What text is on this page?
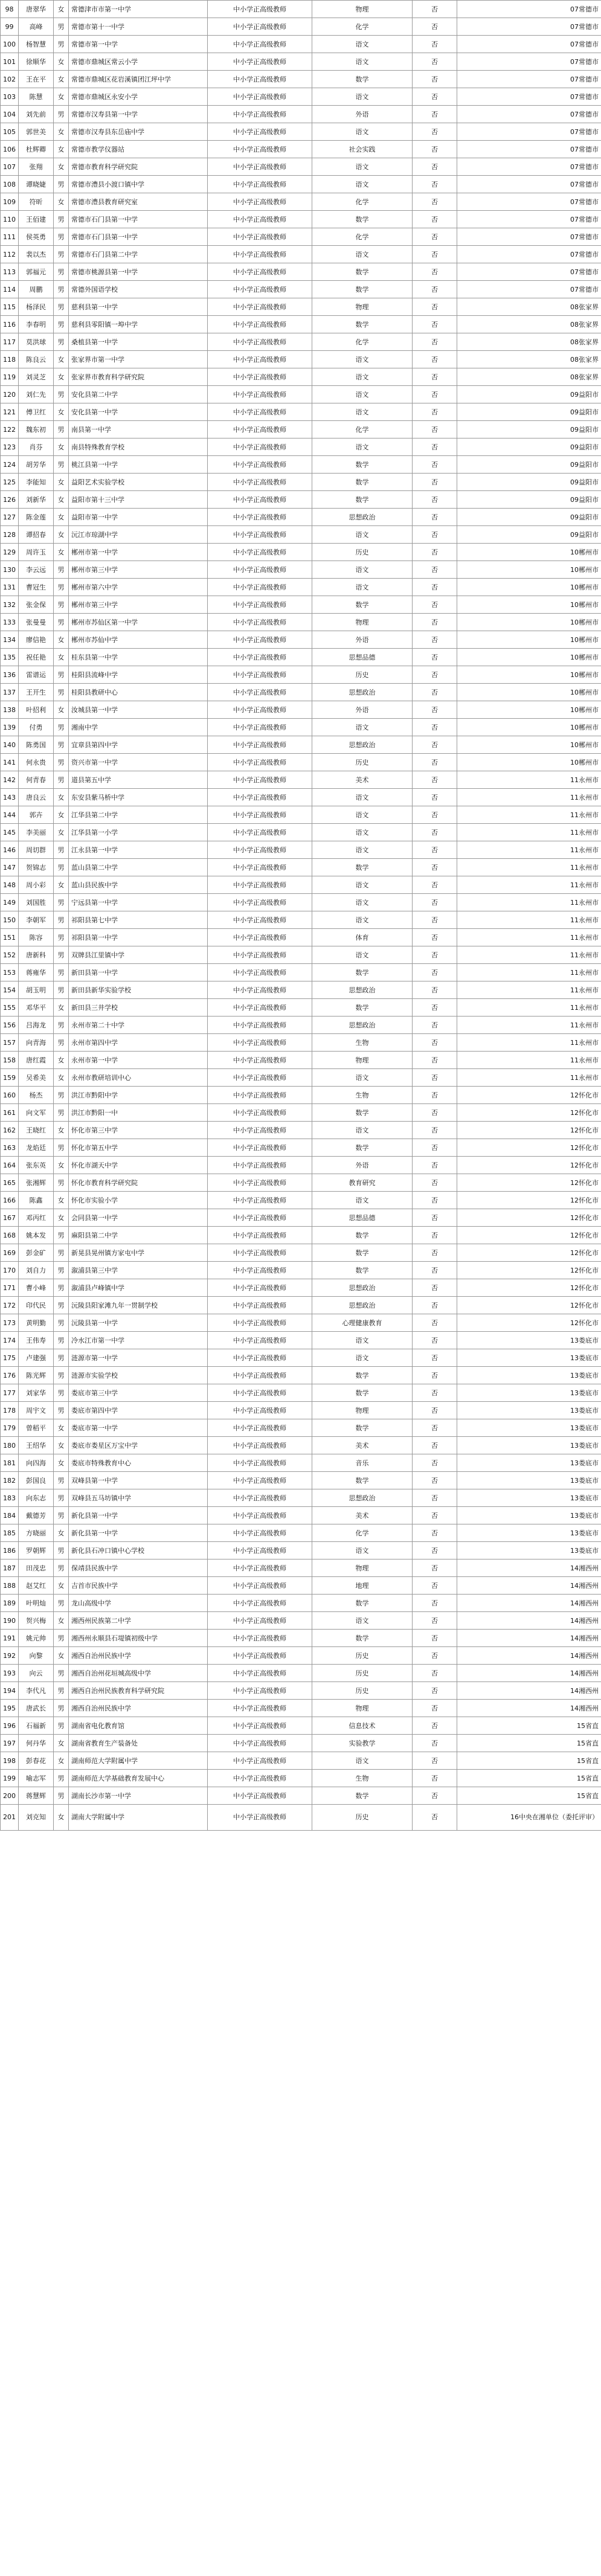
98	唐翠华	女	常德津市市第一中学	中小学正高级教师	物理	否	07常德市
99	高峰	男	常德市第十一中学	中小学正高级教师	化学	否	07常德市
100	杨智慧	男	常德市第一中学	中小学正高级教师	语文	否	07常德市
101	徐顺华	女	常德市鼎城区常云小学	中小学正高级教师	语文	否	07常德市
102	王在平	女	常德市鼎城区花岩溪镇团江坪中学	中小学正高级教师	数学	否	07常德市
103	陈慧	女	常德市鼎城区永安小学	中小学正高级教师	语文	否	07常德市
104	刘先前	男	常德市汉寿县第一中学	中小学正高级教师	外语	否	07常德市
105	郭世美	女	常德市汉寿县东岳庙中学	中小学正高级教师	语文	否	07常德市
106	杜辉卿	女	常德市教学仪器站	中小学正高级教师	社会实践	否	07常德市
107	张翔	女	常德市教育科学研究院	中小学正高级教师	语文	否	07常德市
108	谭晓婕	男	常德市澧县小渡口镇中学	中小学正高级教师	语文	否	07常德市
109	符昕	女	常德市澧县教育研究室	中小学正高级教师	化学	否	07常德市
110	王佰建	男	常德市石门县第一中学	中小学正高级教师	数学	否	07常德市
111	侯英勇	男	常德市石门县第一中学	中小学正高级教师	化学	否	07常德市
112	裴以杰	男	常德市石门县第二中学	中小学正高级教师	语文	否	07常德市
113	郭福元	男	常德市桃源县第一中学	中小学正高级教师	数学	否	07常德市
114	周鹏	男	常德外国语学校	中小学正高级教师	数学	否	07常德市
115	杨泽民	男	慈利县第一中学	中小学正高级教师	物理	否	08张家界
116	李春明	男	慈利县零阳镇一埠中学	中小学正高级教师	数学	否	08张家界
117	莫洪球	男	桑植县第一中学	中小学正高级教师	化学	否	08张家界
118	陈良云	女	张家界市第一中学	中小学正高级教师	语文	否	08张家界
119	刘灵芝	女	张家界市教育科学研究院	中小学正高级教师	语文	否	08张家界
120	刘仁先	男	安化县第二中学	中小学正高级教师	语文	否	09益阳市
121	傅卫红	女	安化县第一中学	中小学正高级教师	语文	否	09益阳市
122	魏东初	男	南县第一中学	中小学正高级教师	化学	否	09益阳市
123	肖芬	女	南县特殊教育学校	中小学正高级教师	语文	否	09益阳市
124	胡芳华	男	桃江县第一中学	中小学正高级教师	数学	否	09益阳市
125	李能知	女	益阳艺术实验学校	中小学正高级教师	数学	否	09益阳市
126	刘新华	女	益阳市第十三中学	中小学正高级教师	数学	否	09益阳市
127	陈金莲	女	益阳市第一中学	中小学正高级教师	思想政治	否	09益阳市
128	谭招春	女	沅江市琼湖中学	中小学正高级教师	语文	否	09益阳市
129	周许玉	女	郴州市第一中学	中小学正高级教师	历史	否	10郴州市
130	李云远	男	郴州市第三中学	中小学正高级教师	语文	否	10郴州市
131	曹冠生	男	郴州市第六中学	中小学正高级教师	语文	否	10郴州市
132	张金保	男	郴州市第三中学	中小学正高级教师	数学	否	10郴州市
133	张曼曼	男	郴州市苏仙区第一中学	中小学正高级教师	物理	否	10郴州市
134	廖信艳	女	郴州市苏仙中学	中小学正高级教师	外语	否	10郴州市
135	祝任艳	女	桂东县第一中学	中小学正高级教师	思想品德	否	10郴州市
136	雷谱运	男	桂阳县流峰中学	中小学正高级教师	历史	否	10郴州市
137	王开生	男	桂阳县教研中心	中小学正高级教师	思想政治	否	10郴州市
138	叶招利	女	汝城县第一中学	中小学正高级教师	外语	否	10郴州市
139	付勇	男	湘南中学	中小学正高级教师	语文	否	10郴州市
140	陈勇国	男	宜章县第四中学	中小学正高级教师	思想政治	否	10郴州市
141	何永贵	男	资兴市第一中学	中小学正高级教师	历史	否	10郴州市
142	何青春	男	道县第五中学	中小学正高级教师	美术	否	11永州市
143	唐良云	女	东安县紫马桥中学	中小学正高级教师	语文	否	11永州市
144	郭卉	女	江华县第二中学	中小学正高级教师	语文	否	11永州市
145	李美丽	女	江华县第一小学	中小学正高级教师	语文	否	11永州市
146	周切群	男	江永县第一中学	中小学正高级教师	语文	否	11永州市
147	贺锦志	男	蓝山县第二中学	中小学正高级教师	数学	否	11永州市
148	周小彩	女	蓝山县民族中学	中小学正高级教师	语文	否	11永州市
149	刘国胜	男	宁远县第一中学	中小学正高级教师	语文	否	11永州市
150	李朝军	男	祁阳县第七中学	中小学正高级教师	语文	否	11永州市
151	陈容	男	祁阳县第一中学	中小学正高级教师	体育	否	11永州市
152	唐新科	男	双牌县江里镇中学	中小学正高级教师	语文	否	11永州市
153	蒋雍华	男	新田县第一中学	中小学正高级教师	数学	否	11永州市
154	胡玉明	男	新田县新华实验学校	中小学正高级教师	思想政治	否	11永州市
155	邓华平	女	新田县三井学校	中小学正高级教师	数学	否	11永州市
156	吕海龙	男	永州市第二十中学	中小学正高级教师	思想政治	否	11永州市
157	向青海	男	永州市第四中学	中小学正高级教师	生物	否	11永州市
158	唐红霞	女	永州市第一中学	中小学正高级教师	物理	否	11永州市
159	吴希美	女	永州市教研培训中心	中小学正高级教师	语文	否	11永州市
160	杨杰	男	洪江市黔阳中学	中小学正高级教师	生物	否	12怀化市
161	向文军	男	洪江市黔阳一中	中小学正高级教师	数学	否	12怀化市
162	王晓红	女	怀化市第三中学	中小学正高级教师	语文	否	12怀化市
163	龙焰廷	男	怀化市第五中学	中小学正高级教师	数学	否	12怀化市
164	张东英	女	怀化市湖天中学	中小学正高级教师	外语	否	12怀化市
165	张湘辉	男	怀化市教育科学研究院	中小学正高级教师	教育研究	否	12怀化市
166	陈鑫	女	怀化市实验小学	中小学正高级教师	语文	否	12怀化市
167	邓丙红	女	会同县第一中学	中小学正高级教师	思想品德	否	12怀化市
168	姚本发	男	麻阳县第二中学	中小学正高级教师	数学	否	12怀化市
169	彭金矿	男	新晃县晃州镇方家屯中学	中小学正高级教师	数学	否	12怀化市
170	刘自力	男	溆浦县第三中学	中小学正高级教师	数学	否	12怀化市
171	曹小峰	男	溆浦县卢峰镇中学	中小学正高级教师	思想政治	否	12怀化市
172	印代民	男	沅陵县阳家滩九年一贯制学校	中小学正高级教师	思想政治	否	12怀化市
173	黄明勤	男	沅陵县第一中学	中小学正高级教师	心理健康教育	否	12怀化市
174	王伟寿	男	冷水江市第一中学	中小学正高级教师	语文	否	13娄底市
175	卢建强	男	涟源市第一中学	中小学正高级教师	语文	否	13娄底市
176	陈光辉	男	涟源市实验学校	中小学正高级教师	数学	否	13娄底市
177	刘家华	男	娄底市第三中学	中小学正高级教师	数学	否	13娄底市
178	周宇文	男	娄底市第四中学	中小学正高级教师	物理	否	13娄底市
179	曾稻平	女	娄底市第一中学	中小学正高级教师	数学	否	13娄底市
180	王绍华	女	娄底市娄星区万宝中学	中小学正高级教师	美术	否	13娄底市
181	向四海	女	娄底市特殊教育中心	中小学正高级教师	音乐	否	13娄底市
182	彭国良	男	双峰县第一中学	中小学正高级教师	数学	否	13娄底市
183	向东志	男	双峰县五马坊镇中学	中小学正高级教师	思想政治	否	13娄底市
184	戴德芳	男	新化县第一中学	中小学正高级教师	美术	否	13娄底市
185	方晓丽	女	新化县第一中学	中小学正高级教师	化学	否	13娄底市
186	罗朝辉	男	新化县石冲口镇中心学校	中小学正高级教师	语文	否	13娄底市
187	田茂忠	男	保靖县民族中学	中小学正高级教师	物理	否	14湘西州
188	赵艾红	女	吉首市民族中学	中小学正高级教师	地理	否	14湘西州
189	叶明灿	男	龙山高级中学	中小学正高级教师	数学	否	14湘西州
190	贺兴梅	女	湘西州民族第二中学	中小学正高级教师	语文	否	14湘西州
191	姚元帅	男	湘西州永顺县石堤镇初级中学	中小学正高级教师	数学	否	14湘西州
192	向黎	女	湘西自治州民族中学	中小学正高级教师	历史	否	14湘西州
193	向云	男	湘西自治州花垣城高级中学	中小学正高级教师	历史	否	14湘西州
194	李代凡	男	湘西自治州民族教育科学研究院	中小学正高级教师	历史	否	14湘西州
195	唐武长	男	湘西自治州民族中学	中小学正高级教师	物理	否	14湘西州
196	石福新	男	湖南省电化教育馆	中小学正高级教师	信息技术	否	15省直
197	何丹华	女	湖南省教育生产装备处	中小学正高级教师	实验教学	否	15省直
198	彭春花	女	湖南师范大学附属中学	中小学正高级教师	语文	否	15省直
199	喻志军	男	湖南师范大学基础教育发展中心	中小学正高级教师	生物	否	15省直
200	蒋慧辉	男	湖南长沙市第一中学	中小学正高级教师	数学	否	15省直
201	刘克知	女	湖南大学附属中学	中小学正高级教师	历史	否	16中央在湘单位（委托评审）
